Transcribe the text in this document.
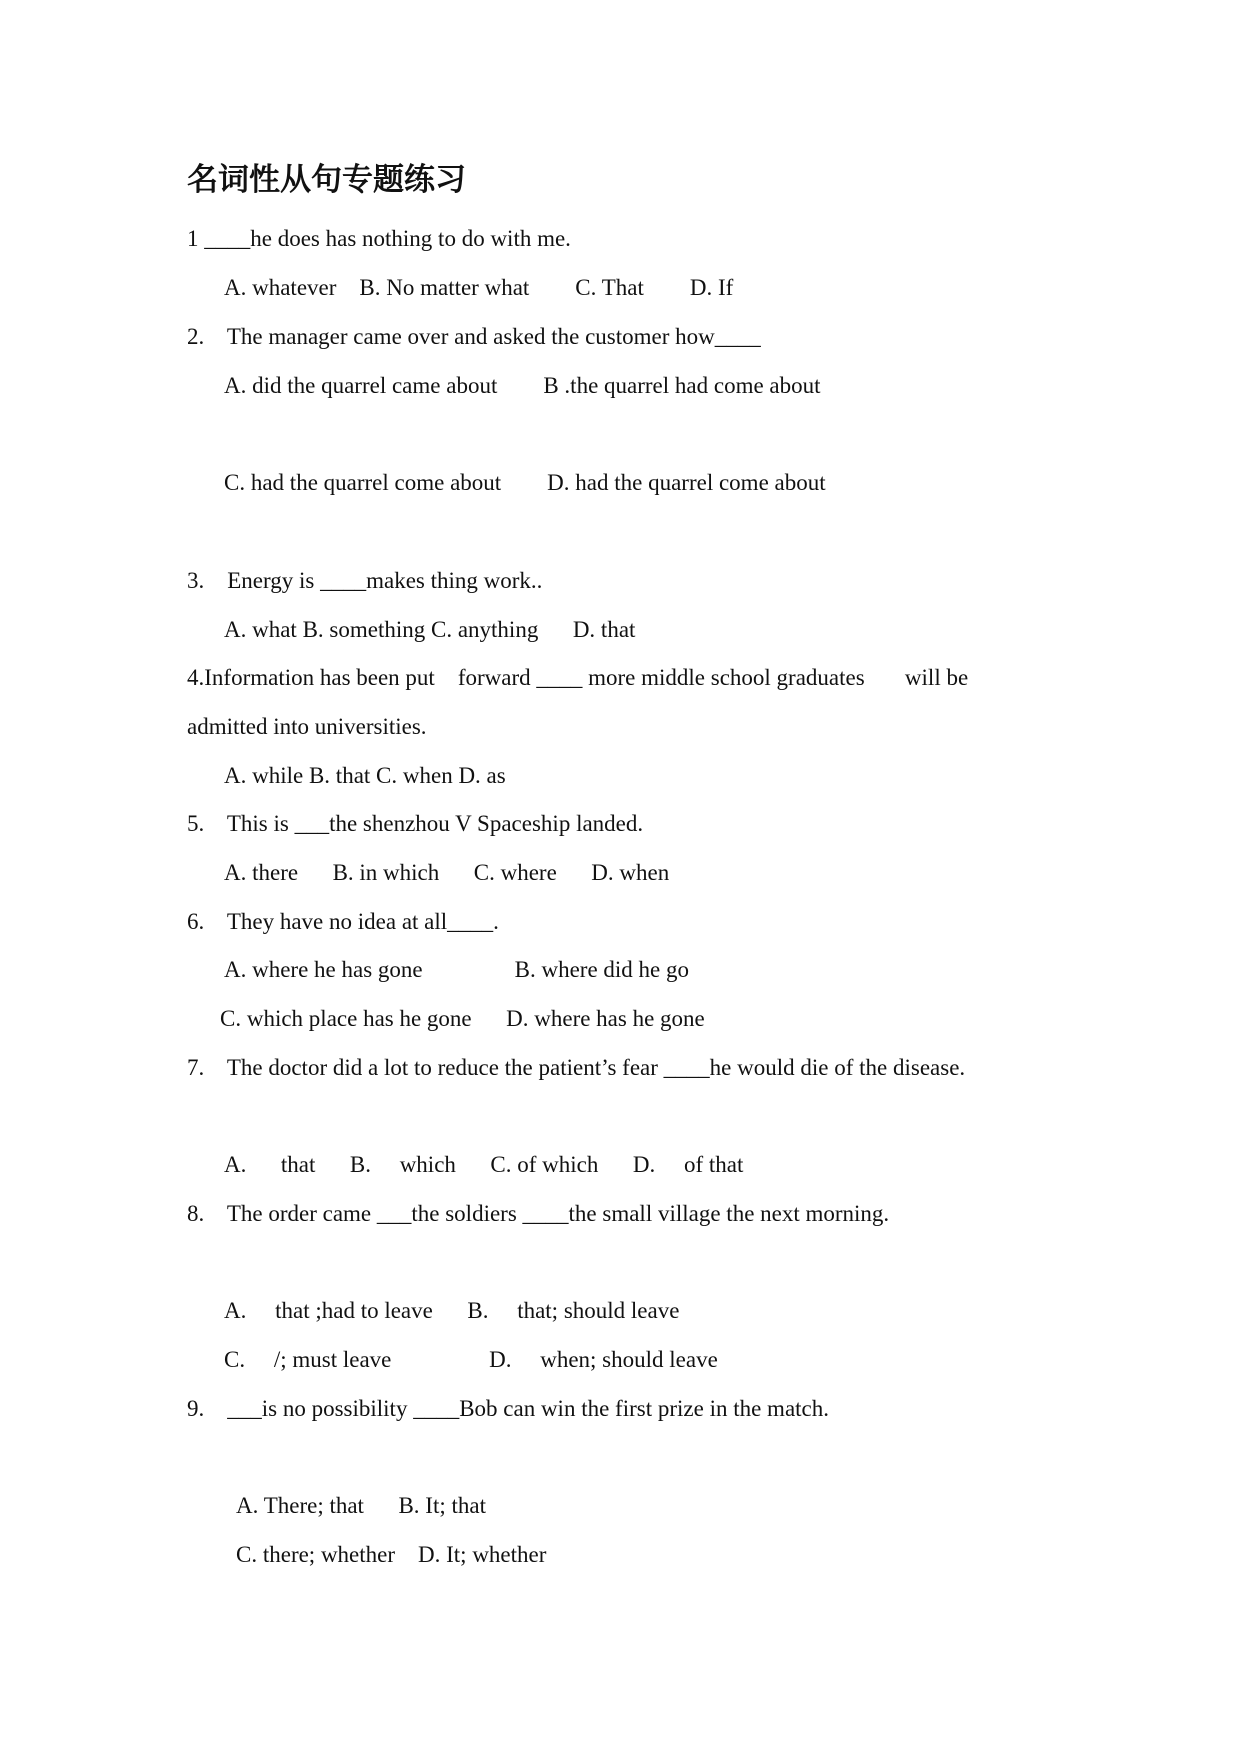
名词性从句专题练习
1 ____he does has nothing to do with me.
A. whatever    B. No matter what        C. That        D. If
2.    The manager came over and asked the customer how____
A. did the quarrel came about        B .the quarrel had come about
C. had the quarrel come about        D. had the quarrel come about
3.    Energy is ____makes thing work..
A. what B. something C. anything      D. that
4.Information has been put    forward ____ more middle school graduates       will be
admitted into universities.
A. while B. that C. when D. as
5.    This is ___the shenzhou V Spaceship landed.
A. there      B. in which      C. where      D. when
6.    They have no idea at all____.
A. where he has gone                B. where did he go
C. which place has he gone      D. where has he gone
7.    The doctor did a lot to reduce the patient’s fear ____he would die of the disease.
A.      that      B.     which      C. of which      D.     of that
8.    The order came ___the soldiers ____the small village the next morning.
A.     that ;had to leave      B.     that; should leave
C.     /; must leave                 D.     when; should leave
9.    ___is no possibility ____Bob can win the first prize in the match.
A. There; that      B. It; that
C. there; whether    D. It; whether
